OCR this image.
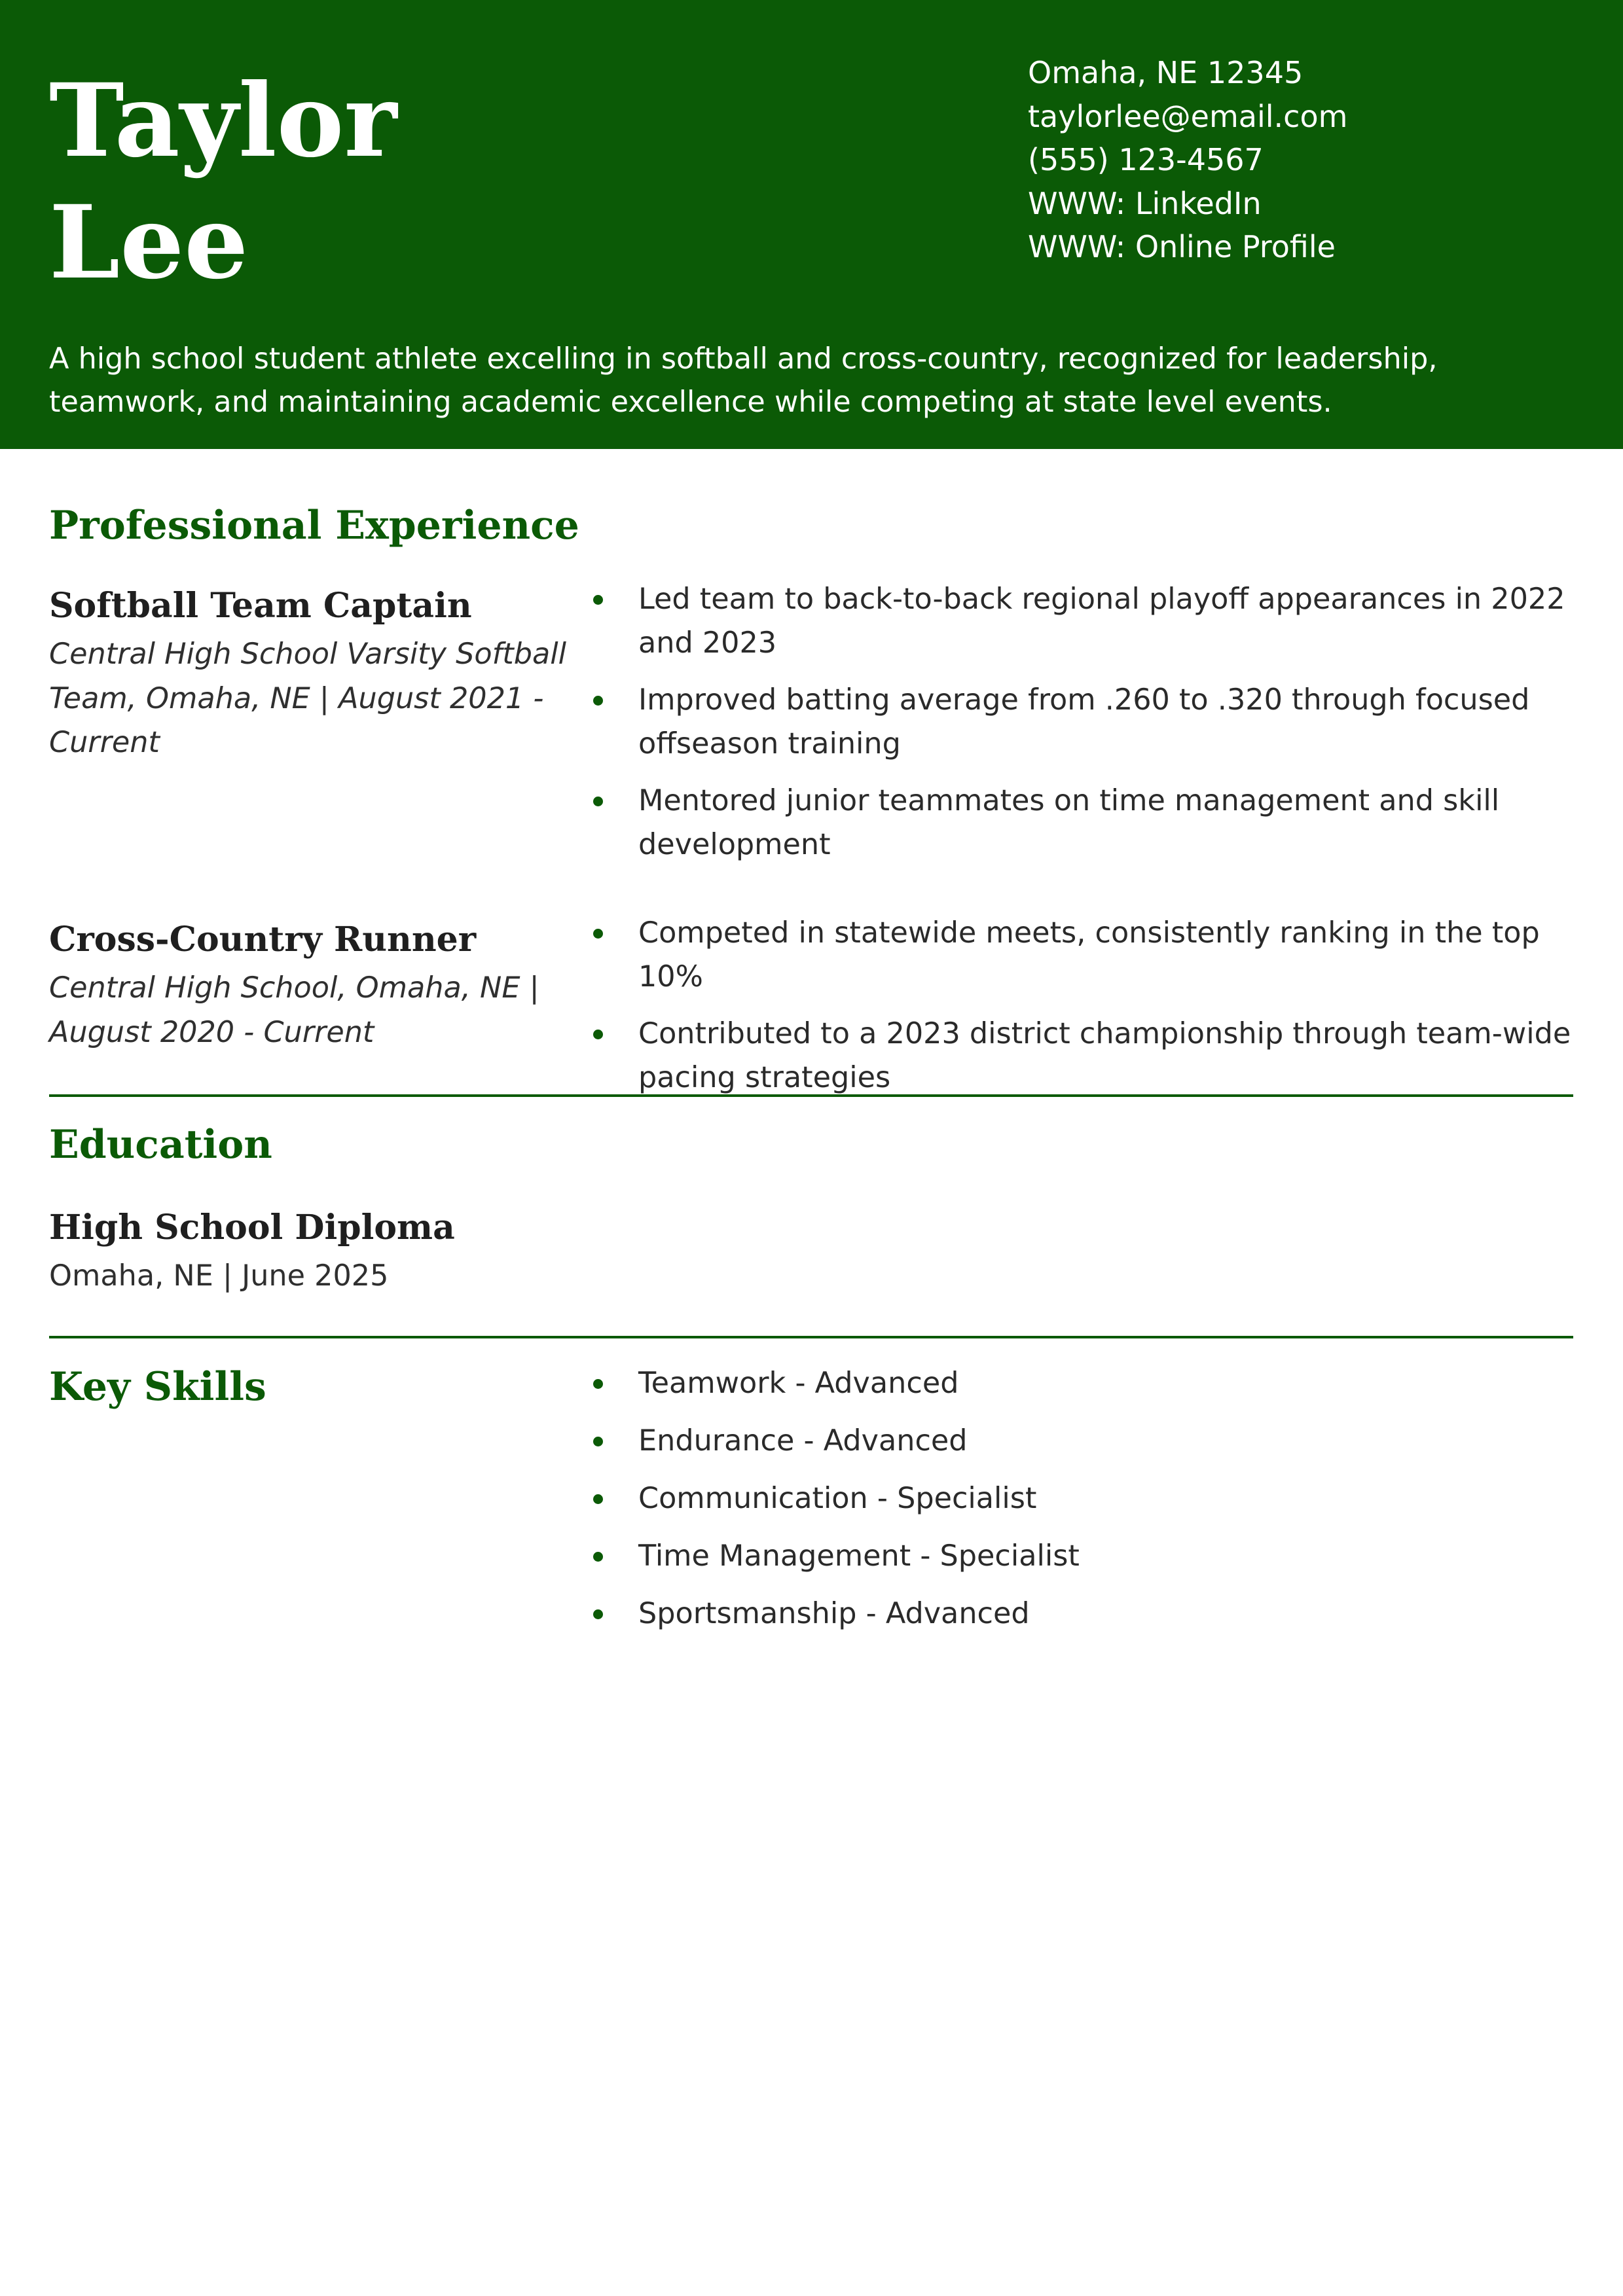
Taylor
Lee
Omaha, NE 12345
taylorlee@email.com
(555) 123-4567
WWW: LinkedIn
WWW: Online Profile
A high school student athlete excelling in softball and cross-country, recognized for leadership, teamwork, and maintaining academic excellence while competing at state level events.
Professional Experience
Softball Team Captain
Central High School Varsity Softball Team, Omaha, NE | August 2021 - Current
Led team to back-to-back regional playoff appearances in 2022 and 2023
Improved batting average from .260 to .320 through focused offseason training
Mentored junior teammates on time management and skill development
Cross-Country Runner
Central High School, Omaha, NE | August 2020 - Current
Competed in statewide meets, consistently ranking in the top 10%
Contributed to a 2023 district championship through team-wide pacing strategies
Education
High School Diploma
Omaha, NE | June 2025
Key Skills	Teamwork - Advanced
Endurance - Advanced
Communication - Specialist
Time Management - Specialist
Sportsmanship - Advanced
